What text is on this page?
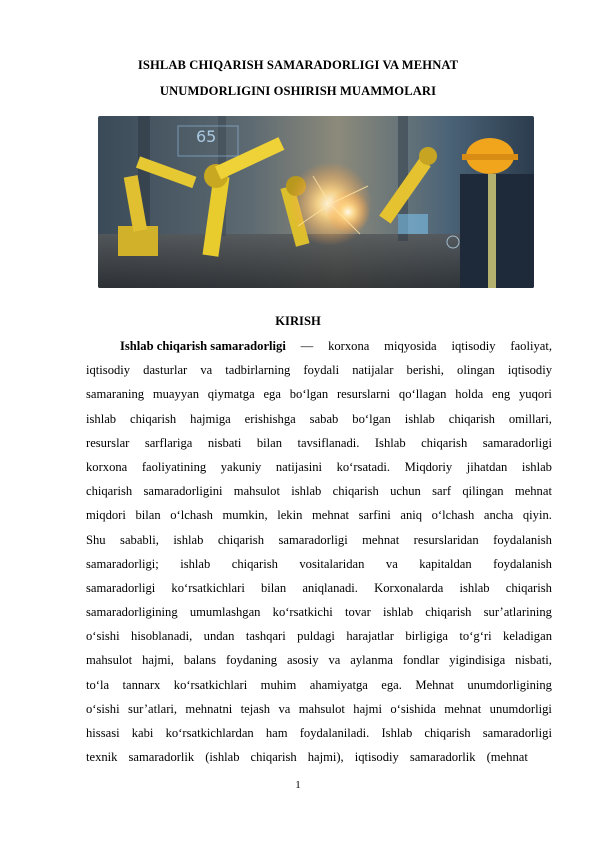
ISHLAB CHIQARISH SAMARADORLIGI VA MEHNAT
UNUMDORLIGINI OSHIRISH MUAMMOLARI
65
KIRISH
Ishlab chiqarish samaradorligi — korxona miqyosida iqtisodiy faoliyat,
iqtisodiy dasturlar va tadbirlarning foydali natijalar berishi, olingan iqtisodiy
samaraning muayyan qiymatga ega bo‘lgan resurslarni qo‘llagan holda eng yuqori
ishlab chiqarish hajmiga erishishga sabab bo‘lgan ishlab chiqarish omillari,
resurslar sarflariga nisbati bilan tavsiflanadi. Ishlab chiqarish samaradorligi
korxona faoliyatining yakuniy natijasini ko‘rsatadi. Miqdoriy jihatdan ishlab
chiqarish samaradorligini mahsulot ishlab chiqarish uchun sarf qilingan mehnat
miqdori bilan o‘lchash mumkin, lekin mehnat sarfini aniq o‘lchash ancha qiyin.
Shu sababli, ishlab chiqarish samaradorligi mehnat resurslaridan foydalanish
samaradorligi; ishlab chiqarish vositalaridan va kapitaldan foydalanish
samaradorligi ko‘rsatkichlari bilan aniqlanadi. Korxonalarda ishlab chiqarish
samaradorligining umumlashgan ko‘rsatkichi tovar ishlab chiqarish sur’atlarining
o‘sishi hisoblanadi, undan tashqari puldagi harajatlar birligiga to‘g‘ri keladigan
mahsulot hajmi, balans foydaning asosiy va aylanma fondlar yigindisiga nisbati,
to‘la tannarx ko‘rsatkichlari muhim ahamiyatga ega. Mehnat unumdorligining
o‘sishi sur’atlari, mehnatni tejash va mahsulot hajmi o‘sishida mehnat unumdorligi
hissasi kabi ko‘rsatkichlardan ham foydalaniladi. Ishlab chiqarish samaradorligi
texnik samaradorlik (ishlab chiqarish hajmi), iqtisodiy samaradorlik (mehnat
1
